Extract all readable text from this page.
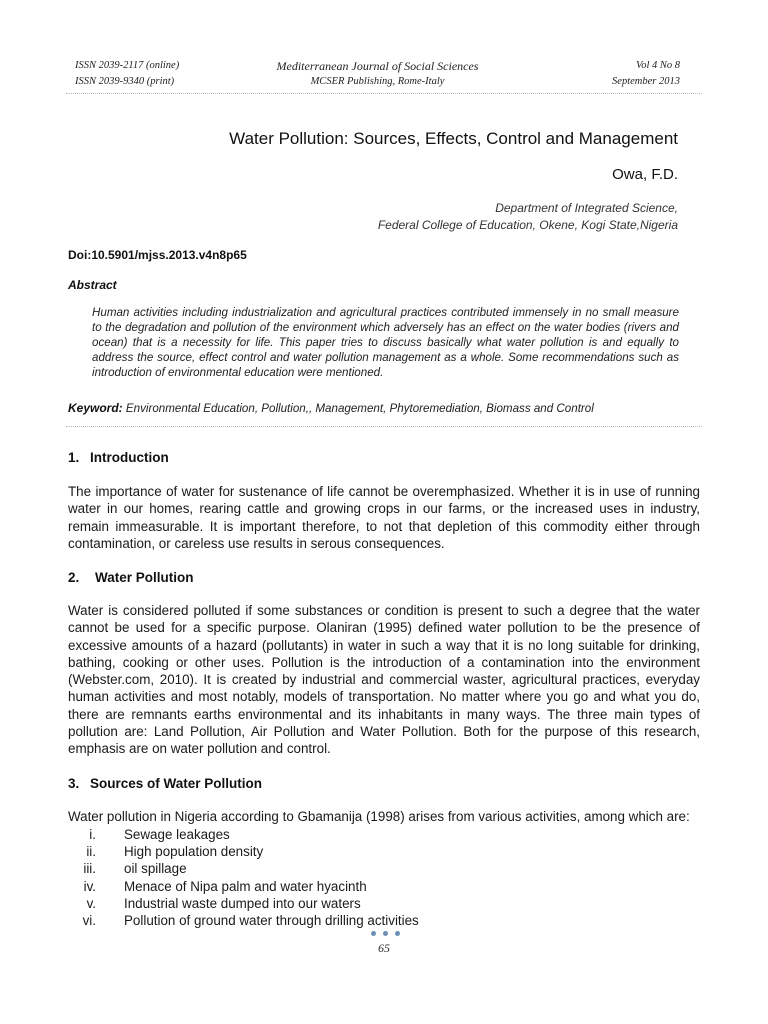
ISSN 2039-2117 (online)
ISSN 2039-9340 (print)
Mediterranean Journal of Social Sciences
MCSER Publishing, Rome-Italy
Vol 4 No 8
September 2013
Water Pollution: Sources, Effects, Control and Management
Owa, F.D.
Department of Integrated Science,
Federal College of Education, Okene, Kogi State,Nigeria
Doi:10.5901/mjss.2013.v4n8p65
Abstract
Human activities including industrialization and agricultural practices contributed immensely in no small measure to the degradation and pollution of the environment which adversely has an effect on the water bodies (rivers and ocean) that is a necessity for life. This paper tries to discuss basically what water pollution is and equally to address the source, effect control and water pollution management as a whole. Some recommendations such as introduction of environmental education were mentioned.
Keyword: Environmental Education, Pollution,, Management, Phytoremediation, Biomass and Control
1. Introduction
The importance of water for sustenance of life cannot be overemphasized. Whether it is in use of running water in our homes, rearing cattle and growing crops in our farms, or the increased uses in industry, remain immeasurable. It is important therefore, to not that depletion of this commodity either through contamination, or careless use results in serous consequences.
2. Water Pollution
Water is considered polluted if some substances or condition is present to such a degree that the water cannot be used for a specific purpose. Olaniran (1995) defined water pollution to be the presence of excessive amounts of a hazard (pollutants) in water in such a way that it is no long suitable for drinking, bathing, cooking or other uses. Pollution is the introduction of a contamination into the environment (Webster.com, 2010). It is created by industrial and commercial waster, agricultural practices, everyday human activities and most notably, models of transportation. No matter where you go and what you do, there are remnants earths environmental and its inhabitants in many ways. The three main types of pollution are: Land Pollution, Air Pollution and Water Pollution. Both for the purpose of this research, emphasis are on water pollution and control.
3. Sources of Water Pollution
Water pollution in Nigeria according to Gbamanija (1998) arises from various activities, among which are:
i. Sewage leakages
ii. High population density
iii. oil spillage
iv. Menace of Nipa palm and water hyacinth
v. Industrial waste dumped into our waters
vi. Pollution of ground water through drilling activities
65
